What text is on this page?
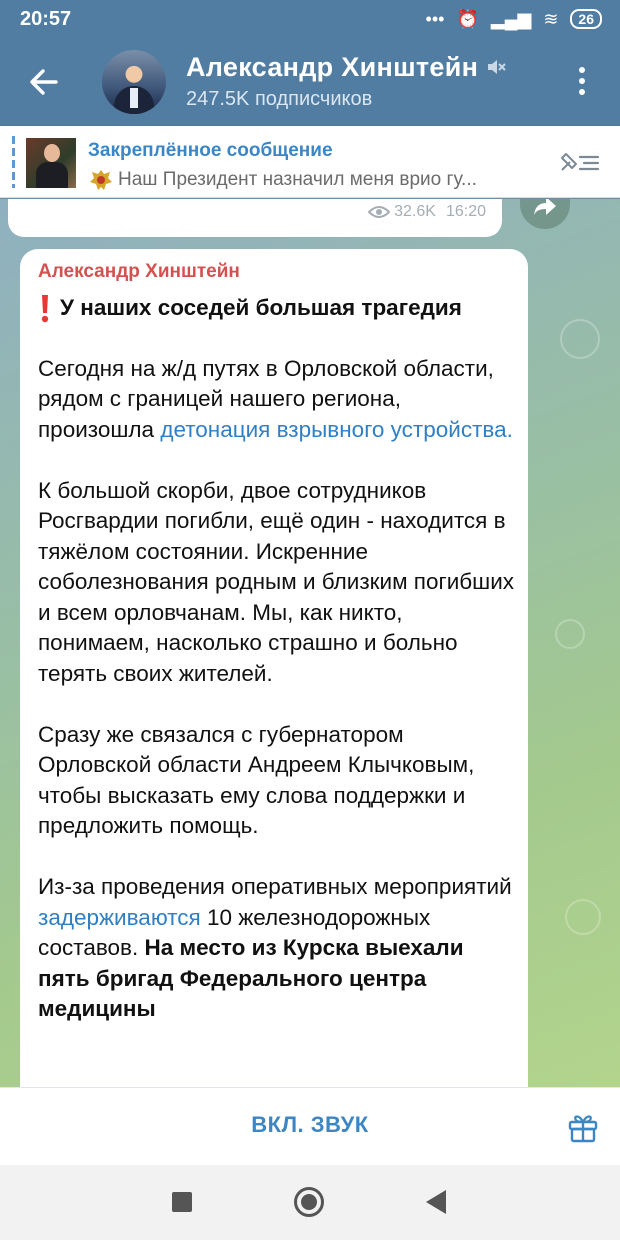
20:57	••• ⏰ ▂▄▆ ≋	26
Александр Хинштейн
247.5K подписчиков
Закреплённое сообщение
Наш Президент назначил меня врио гу...
32.6K 16:20
Александр Хинштейн
У наших соседей большая трагедия

Сегодня на ж/д путях в Орловской области, рядом с границей нашего региона, произошла детонация взрывного устройства.

К большой скорби, двое сотрудников Росгвардии погибли, ещё один - находится в тяжёлом состоянии. Искренние соболезнования родным и близким погибших и всем орловчанам. Мы, как никто, понимаем, насколько страшно и больно терять своих жителей.

Сразу же связался с губернатором Орловской области Андреем Клычковым, чтобы высказать ему слова поддержки и предложить помощь.

Из-за проведения оперативных мероприятий задерживаются 10 железнодорожных составов. На место из Курска выехали пять бригад Федерального центра медицины

ВКЛ. ЗВУК
